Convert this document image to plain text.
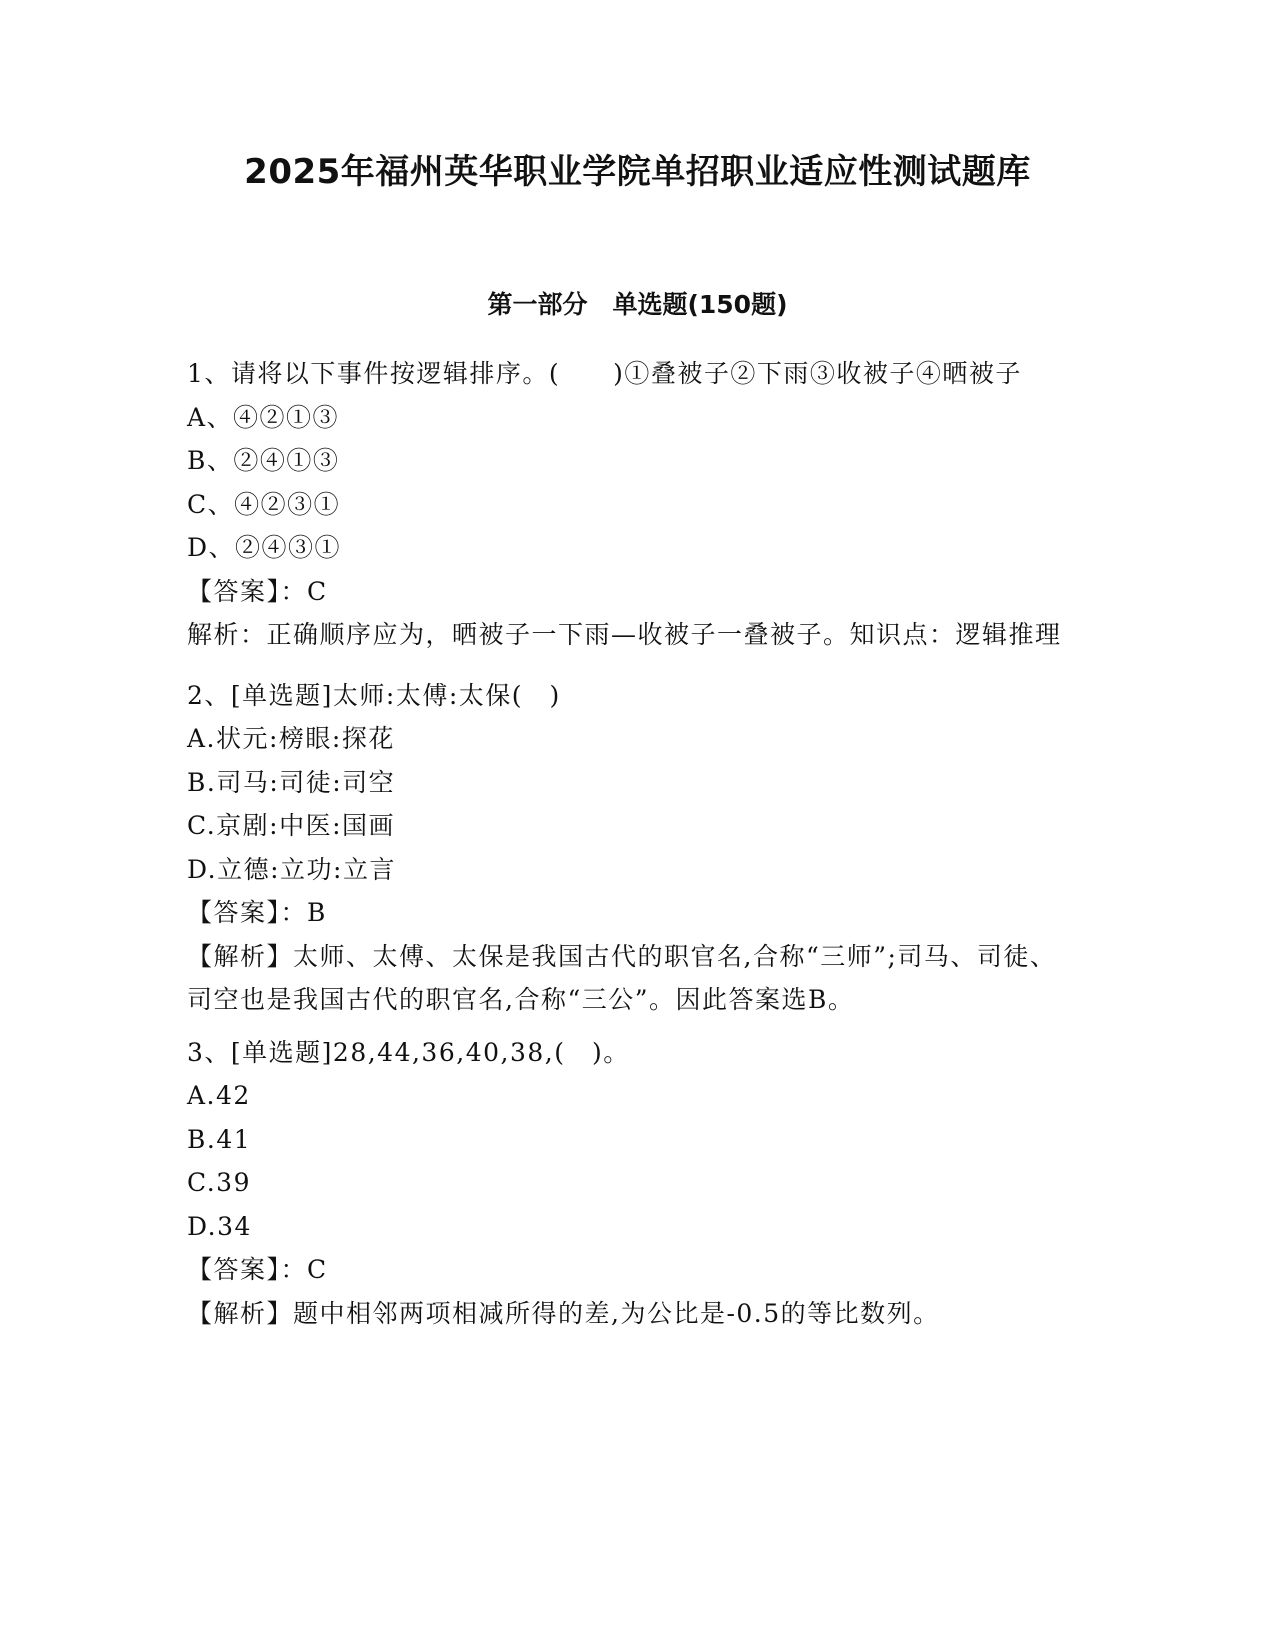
2025年福州英华职业学院单招职业适应性测试题库
第一部分　单选题(150题)

1、请将以下事件按逻辑排序。(　　)①叠被子②下雨③收被子④晒被子

A、④②①③

B、②④①③

C、④②③①

D、②④③①

【答案】：C

解析：正确顺序应为，晒被子一下雨—收被子一叠被子。知识点：逻辑推理

2、[单选题]太师:太傅:太保(　)

A.状元:榜眼:探花

B.司马:司徒:司空

C.京剧:中医:国画

D.立德:立功:立言

【答案】：B

【解析】太师、太傅、太保是我国古代的职官名,合称“三师”;司马、司徒、司空也是我国古代的职官名,合称“三公”。因此答案选B。

3、[单选题]28,44,36,40,38,(　)。

A.42

B.41

C.39

D.34

【答案】：C

【解析】题中相邻两项相减所得的差,为公比是-0.5的等比数列。
